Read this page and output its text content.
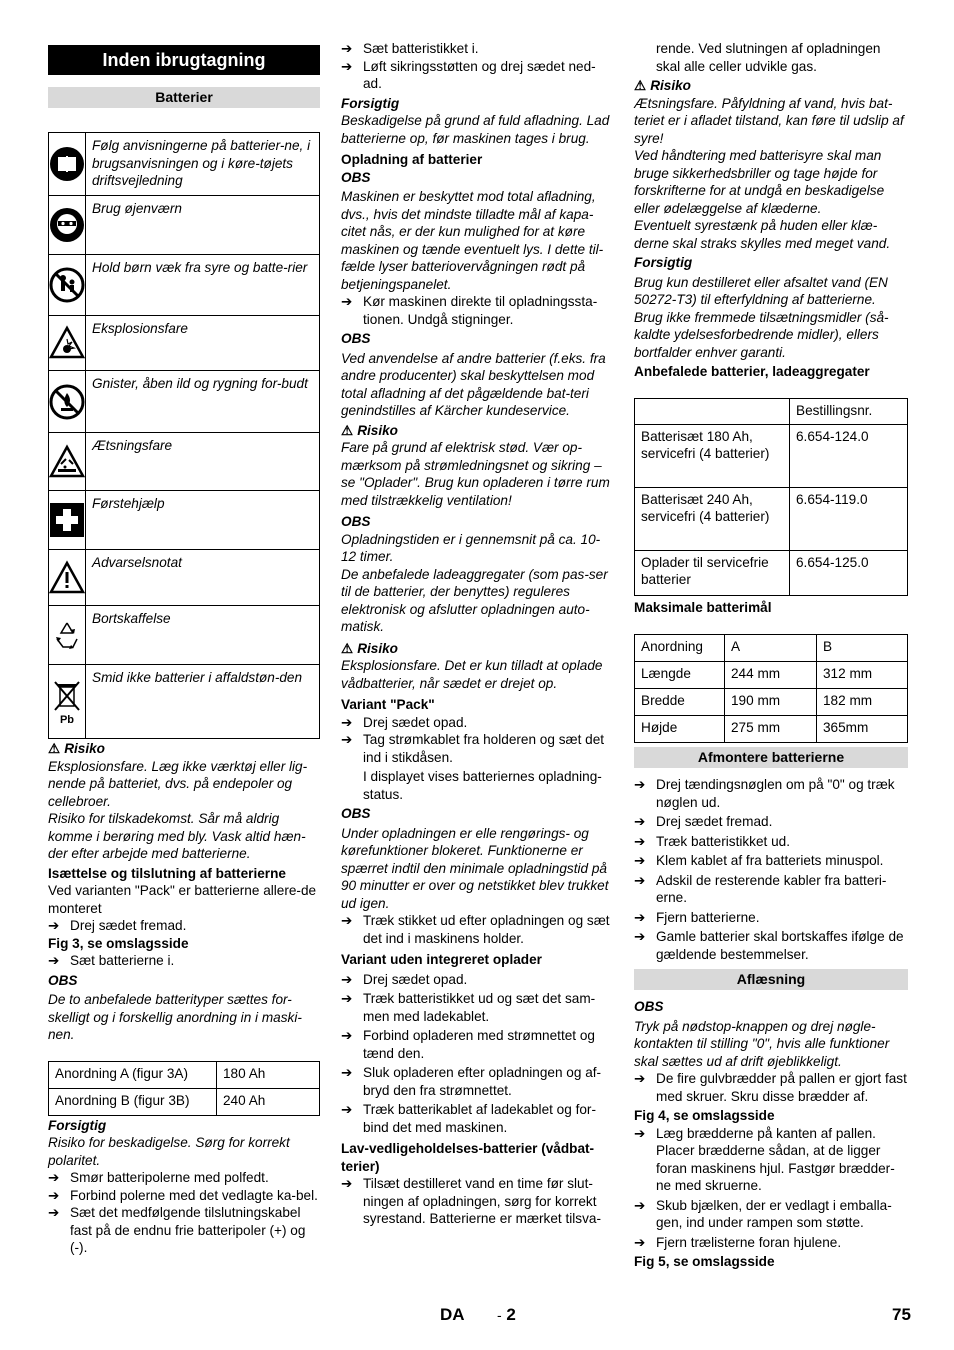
Inden ibrugtagning
Batterier
	Følg anvisningerne på batterier-ne, i brugsanvisningen og i køre-tøjets driftsvejledning

	Brug øjenværn

	Hold børn væk fra syre og batte-rier

	Eksplosionsfare

	Gnister, åben ild og rygning for-budt

	Ætsningsfare

	Førstehjælp

	Advarselsnotat

	Bortskaffelse

Pb	Smid ikke batterier i affaldstøn-den

⚠ Risiko

Eksplosionsfare. Læg ikke værktøj eller lig-nende på batteriet, dvs. på endepoler og cellebroer.

Risiko for tilskadekomst. Sår må aldrig komme i berøring med bly. Vask altid hæn-der efter arbejde med batterierne.

Isættelse og tilslutning af batterierne

Ved varianten "Pack" er batterierne allere-de monteret

➔ Drej sædet fremad.

Fig 3, se omslagsside

➔ Sæt batterierne i.

OBS

De to anbefalede batterityper sættes for-skelligt og i forskellig anordning in i maski-nen.

Anordning A (figur 3A)	180 Ah
Anordning B (figur 3B)	240 Ah

Forsigtig

Risiko for beskadigelse. Sørg for korrekt polaritet.

➔ Smør batteripolerne med polfedt.
➔ Forbind polerne med det vedlagte ka-bel.
➔ Sæt det medfølgende tilslutningskabel fast på de endnu frie batteripoler (+) og (-).
➔ Sæt batteristikket i.
➔ Løft sikringsstøtten og drej sædet ned-ad.

Forsigtig

Beskadigelse på grund af fuld afladning. Lad batterierne op, før maskinen tages i brug.

Opladning af batterier

OBS

Maskinen er beskyttet mod total afladning, dvs., hvis det mindste tilladte mål af kapa-citet nås, er der kun mulighed for at køre maskinen og tænde eventuelt lys. I dette til-fælde lyser batteriovervågningen rødt på betjeningspanelet.

➔ Kør maskinen direkte til opladningssta-tionen. Undgå stigninger.

OBS

Ved anvendelse af andre batterier (f.eks. fra andre producenter) skal beskyttelsen mod total afladning af det pågældende bat-teri genindstilles af Kärcher kundeservice.

⚠ Risiko

Fare på grund af elektrisk stød. Vær op-mærksom på strømledningsnet og sikring – se "Oplader". Brug kun opladeren i tørre rum med tilstrækkelig ventilation!

OBS

Opladningstiden er i gennemsnit på ca. 10-12 timer.

De anbefalede ladeaggregater (som pas-ser til de batterier, der benyttes) reguleres elektronisk og afslutter opladningen auto-matisk.

⚠ Risiko

Eksplosionsfare. Det er kun tilladt at oplade vådbatterier, når sædet er drejet op.

Variant "Pack"

➔ Drej sædet opad.
➔ Tag strømkablet fra holderen og sæt det ind i stikdåsen.

I displayet vises batteriernes opladning-status.

OBS

Under opladningen er elle rengørings- og kørefunktioner blokeret. Funktionerne er spærret indtil den minimale opladningstid på 90 minutter er over og netstikket blev trukket ud igen.

➔ Træk stikket ud efter opladningen og sæt det ind i maskinens holder.

Variant uden integreret oplader

➔ Drej sædet opad.
➔ Træk batteristikket ud og sæt det sam-men med ladekablet.
➔ Forbind opladeren med strømnettet og tænd den.
➔ Sluk opladeren efter opladningen og af-bryd den fra strømnettet.
➔ Træk batterikablet af ladekablet og for-bind det med maskinen.

Lav-vedligeholdelses-batterier (vådbat-terier)

➔ Tilsæt destilleret vand en time før slut-ningen af opladningen, sørg for korrekt syrestand. Batterierne er mærket tilsva-

rende. Ved slutningen af opladningen skal alle celler udvikle gas.

⚠ Risiko

Ætsningsfare. Påfyldning af vand, hvis bat-teriet er i afladet tilstand, kan føre til udslip af syre!

Ved håndtering med batterisyre skal man bruge sikkerhedsbriller og tage højde for forskrifterne for at undgå en beskadigelse eller ødelæggelse af klæderne.

Eventuelt syrestænk på huden eller klæ-derne skal straks skylles med meget vand.

Forsigtig

Brug kun destilleret eller afsaltet vand (EN 50272-T3) til efterfyldning af batterierne.

Brug ikke fremmede tilsætningsmidler (så-kaldte ydelsesforbedrende midler), ellers bortfalder enhver garanti.

Anbefalede batterier, ladeaggregater

	Bestillingsnr.
Batterisæt 180 Ah, servicefri (4 batterier)	6.654-124.0
Batterisæt 240 Ah, servicefri (4 batterier)	6.654-119.0
Oplader til servicefrie batterier	6.654-125.0

Maksimale batterimål

Anordning	A	B
Længde	244 mm	312 mm
Bredde	190 mm	182 mm
Højde	275 mm	365mm
Afmontere batterierne
➔ Drej tændingsnøglen om på "0" og træk nøglen ud.
➔ Drej sædet fremad.
➔ Træk batteristikket ud.
➔ Klem kablet af fra batteriets minuspol.
➔ Adskil de resterende kabler fra batteri-erne.
➔ Fjern batterierne.
➔ Gamle batterier skal bortskaffes ifølge de gældende bestemmelser.
Aflæsning

OBS

Tryk på nødstop-knappen og drej nøgle-kontakten til stilling "0", hvis alle funktioner skal sættes ud af drift øjeblikkeligt.

➔ De fire gulvbrædder på pallen er gjort fast med skruer. Skru disse brædder af.

Fig 4, se omslagsside

➔ Læg brædderne på kanten af pallen. Placer brædderne sådan, at de ligger foran maskinens hjul. Fastgør brædder-ne med skruerne.
➔ Skub bjælken, der er vedlagt i emballa-gen, ind under rampen som støtte.
➔ Fjern trælisterne foran hjulene.

Fig 5, se omslagsside

DA - 2	75
